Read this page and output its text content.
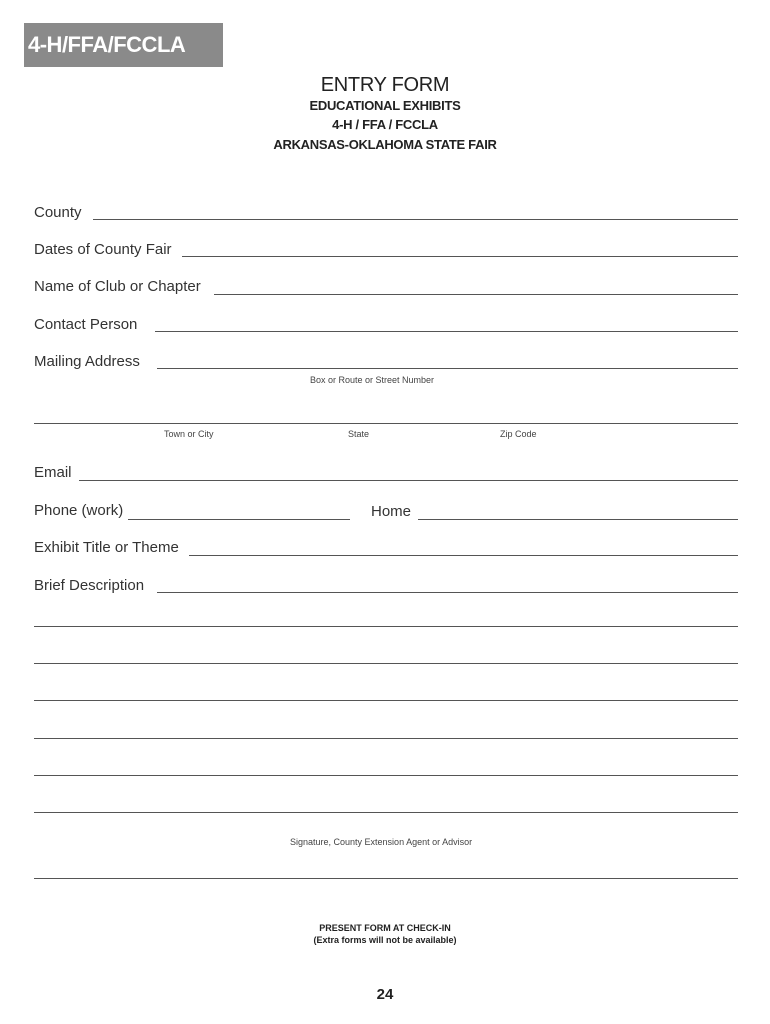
4-H/FFA/FCCLA
ENTRY FORM
EDUCATIONAL EXHIBITS
4-H / FFA / FCCLA
ARKANSAS-OKLAHOMA STATE FAIR
County
Dates of County Fair
Name of Club or Chapter
Contact Person
Mailing Address
Box or Route or Street Number
Town or City	State	Zip Code
Email
Phone (work)	Home
Exhibit Title or Theme
Brief Description
Signature, County Extension Agent or Advisor
PRESENT FORM AT CHECK-IN
(Extra forms will not be available)
24
